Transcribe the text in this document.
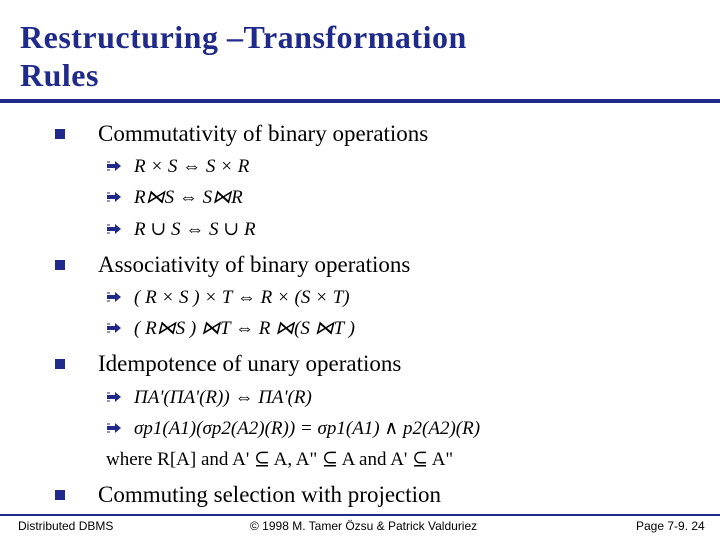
Restructuring –Transformation
Rules
Commutativity of binary operations
R × S ⇔ S × R
R⋈S ⇔ S⋈R
R ∪ S ⇔ S ∪ R
Associativity of binary operations
( R × S ) × T ⇔ R × (S × T)
( R⋈S ) ⋈T ⇔ R ⋈(S ⋈T )
Idempotence of unary operations
ΠA'(ΠA'(R)) ⇔ ΠA'(R)
σp1(A1)(σp2(A2)(R)) = σp1(A1) ∧ p2(A2)(R)
where R[A] and A' ⊆ A, A" ⊆ A and A' ⊆ A"
Commuting selection with projection
Distributed DBMS	© 1998 M. Tamer Özsu & Patrick Valduriez	Page 7-9. 24
